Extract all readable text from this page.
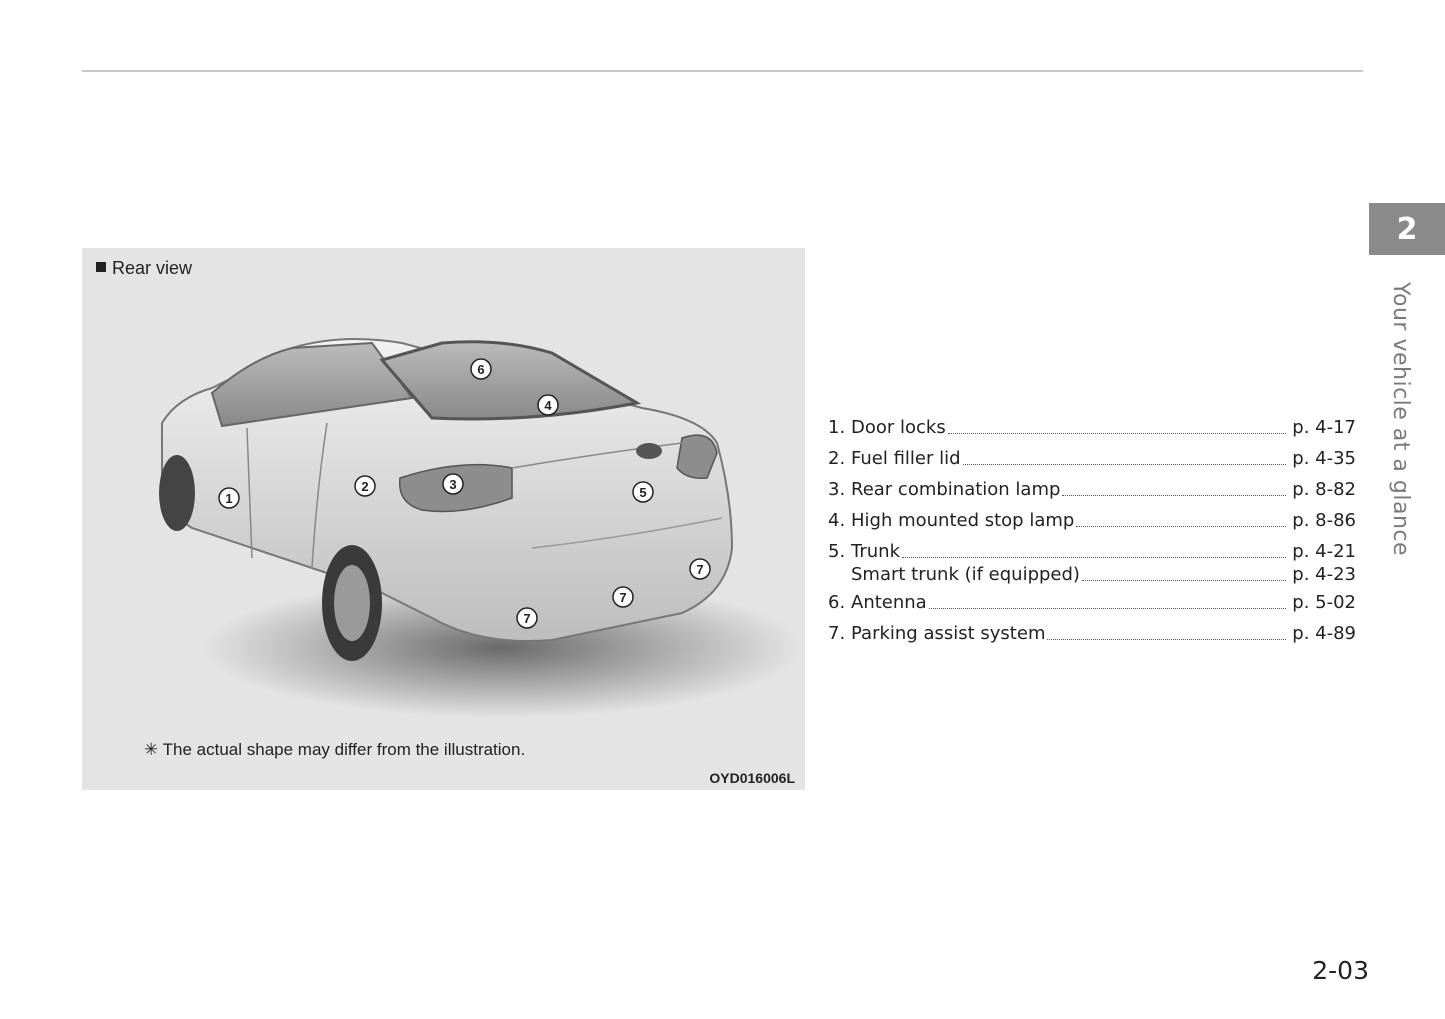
1
2	3
4
5
6
7
7
7
Rear view
✳ The actual shape may differ from the illustration.
OYD016006L
1. Door locks	p. 4-17
2. Fuel filler lid	p. 4-35
3. Rear combination lamp	p. 8-82
4. High mounted stop lamp	p. 8-86
5. Trunk	p. 4-21
Smart trunk (if equipped)	p. 4-23
6. Antenna	p. 5-02
7. Parking assist system	p. 4-89
2
Your vehicle at a glance
2-03
